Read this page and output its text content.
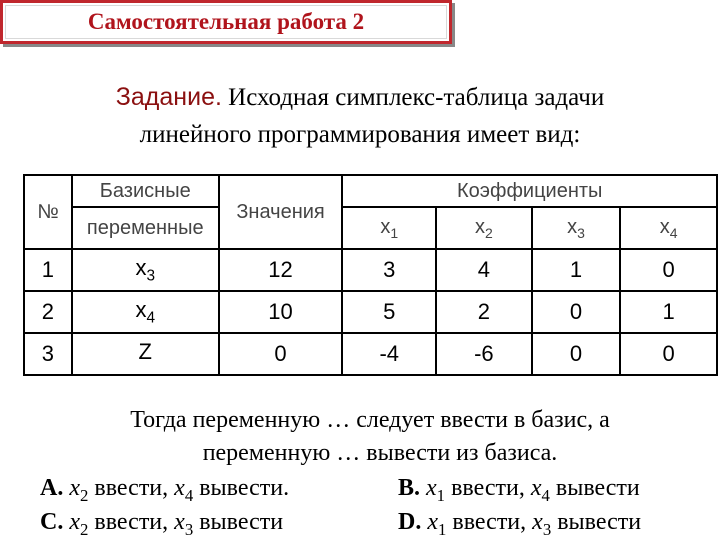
Самостоятельная работа 2
Задание. Исходная симплекс-таблица задачи
линейного программирования имеет вид:
№	Базисные	Значения	Коэффициенты			
	переменные		$x_1$	$x_2$	$x_3$	$x_4$
1	$x_3$	12	3	4	1	0
2	$x_4$	10	5	2	0	1
3	Z	0	-4	-6	0	0
Тогда переменную … следует ввести в базис, а
переменную … вывести из базиса.
A. $x_2$ ввести, $x_4$ вывести.	B. $x_1$ ввести, $x_4$ вывести
C. $x_2$ ввести, $x_3$ вывести	D. $x_1$ ввести, $x_3$ вывести
